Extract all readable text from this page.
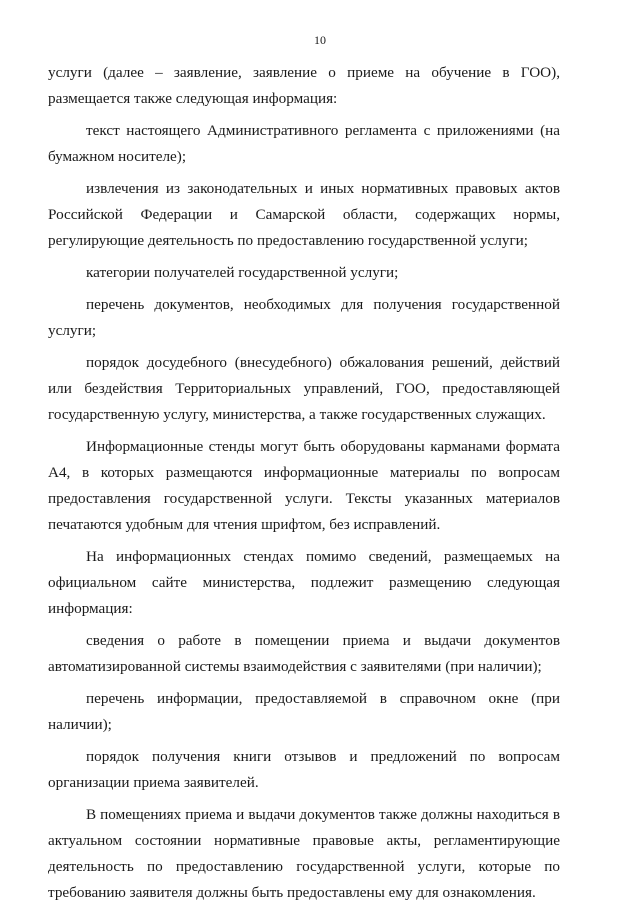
10

услуги (далее – заявление, заявление о приеме на обучение в ГОО), размещается также следующая информация:

текст настоящего Административного регламента с приложениями (на бумажном носителе);

извлечения из законодательных и иных нормативных правовых актов Российской Федерации и Самарской области, содержащих нормы, регулирующие деятельность по предоставлению государственной услуги;

категории получателей государственной услуги;

перечень документов, необходимых для получения государственной услуги;

порядок досудебного (внесудебного) обжалования решений, действий или бездействия Территориальных управлений, ГОО, предоставляющей государственную услугу, министерства, а также государственных служащих.

Информационные стенды могут быть оборудованы карманами формата А4, в которых размещаются информационные материалы по вопросам предоставления государственной услуги. Тексты указанных материалов печатаются удобным для чтения шрифтом, без исправлений.

На информационных стендах помимо сведений, размещаемых на официальном сайте министерства, подлежит размещению следующая информация:

сведения о работе в помещении приема и выдачи документов автоматизированной системы взаимодействия с заявителями (при наличии);

перечень информации, предоставляемой в справочном окне (при наличии);

порядок получения книги отзывов и предложений по вопросам организации приема заявителей.

В помещениях приема и выдачи документов также должны находиться в актуальном состоянии нормативные правовые акты, регламентирующие деятельность по предоставлению государственной услуги, которые по требованию заявителя должны быть предоставлены ему для ознакомления.
